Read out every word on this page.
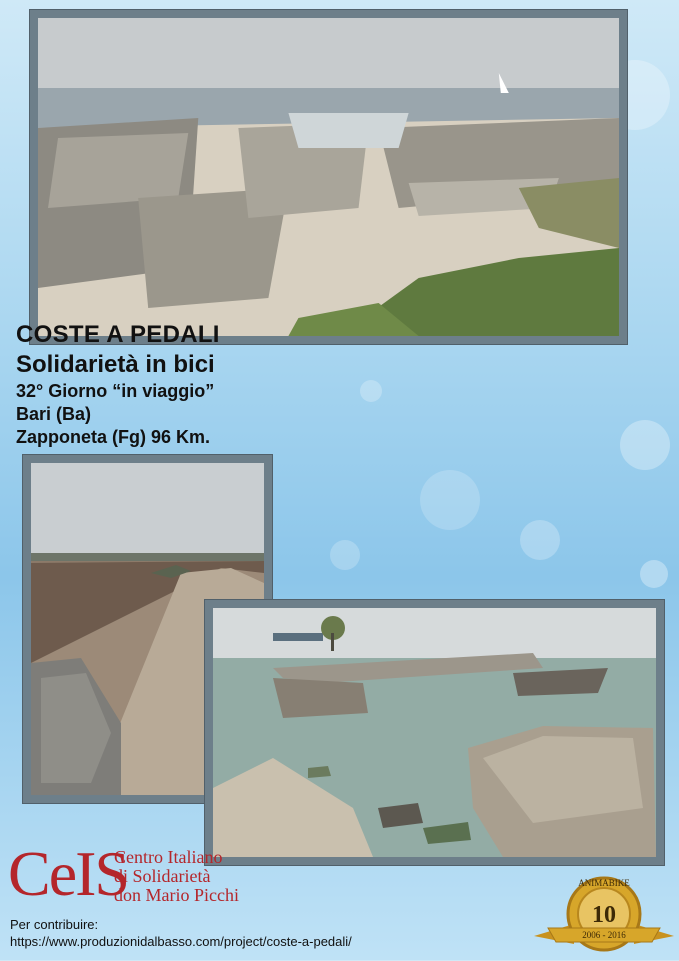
COSTE A PEDALI
Solidarietà in bici
32° Giorno “in viaggio”
Bari (Ba)
Zapponeta (Fg) 96 Km.
CeIS
Centro Italiano
di Solidarietà
don Mario Picchi
Per contribuire:
https://www.produzionidalbasso.com/project/coste-a-pedali/
ANIMABIKE
10
2006 - 2016
